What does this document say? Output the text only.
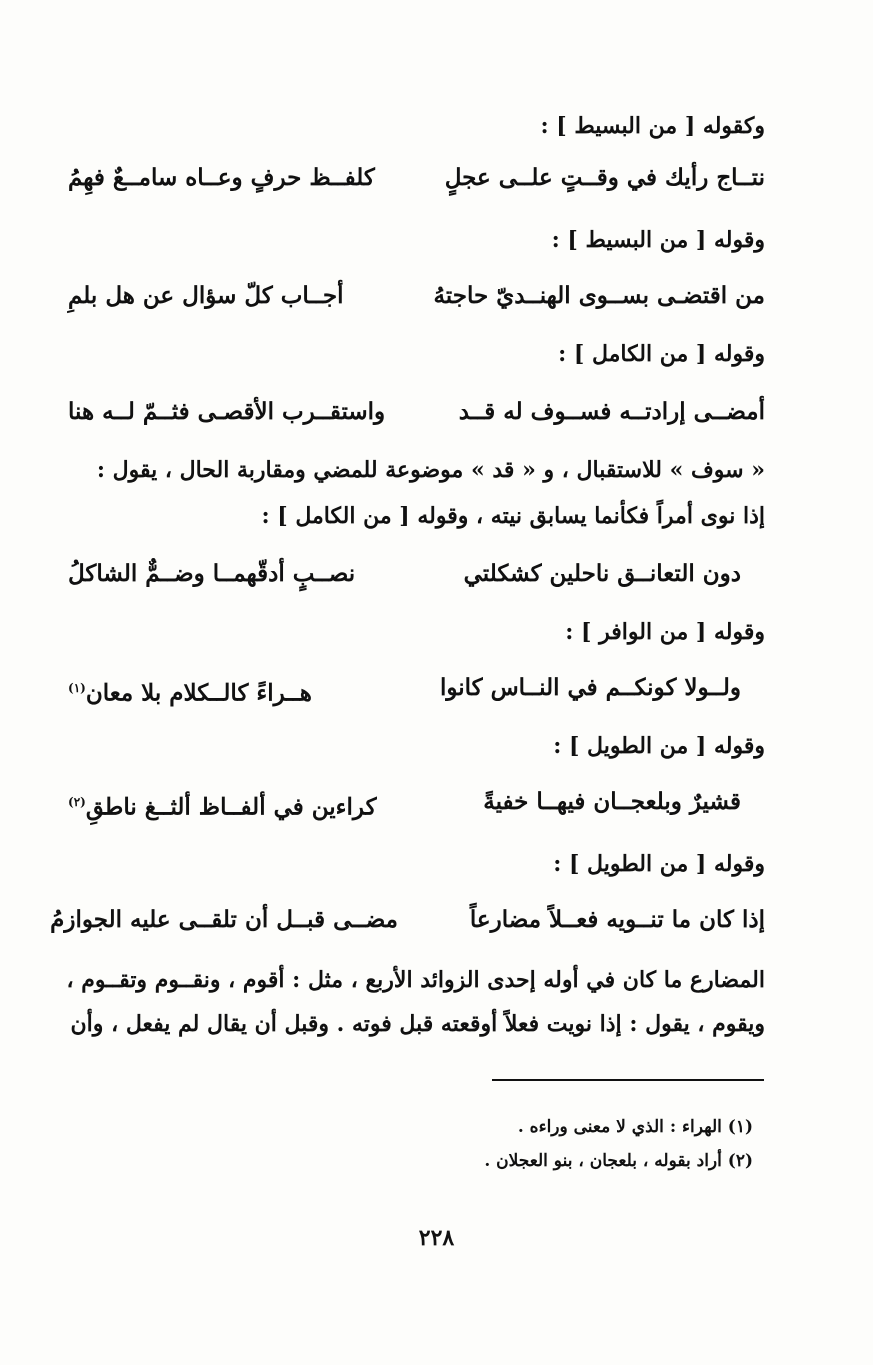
وكقوله [ من البسيط ] :
نتــاج رأيك في وقــتٍ علــى عجلٍ
كلفــظ حرفٍ وعــاه سامــعٌ فهِمُ
وقوله [ من البسيط ] :
من اقتضـى بســوى الهنــديّ حاجتهُ
أجــاب كلّ سؤال عن هل بلمِ
وقوله [ من الكامل ] :
أمضــى إرادتــه فســوف له قــد
واستقــرب الأقصـى فثــمّ لــه هنا
« سوف » للاستقبال ، و « قد » موضوعة للمضي ومقاربة الحال ، يقول :
إذا نوى أمراً فكأنما يسابق نيته ، وقوله [ من الكامل ] :
دون التعانــق ناحلين كشكلتي
نصــبٍ أدقّهمــا وضــمٌّ الشاكلُ
وقوله [ من الوافر ] :
ولــولا كونكــم في النــاس كانوا
هــراءً كالــكلام بلا معان$^{(١)}$
وقوله [ من الطويل ] :
قشيرٌ وبلعجــان فيهــا خفيةً
كراءين في ألفــاظ ألثــغ ناطقِ$^{(٢)}$
وقوله [ من الطويل ] :
إذا كان ما تنــويه فعــلاً مضارعاً
مضــى قبــل أن تلقــى عليه الجوازمُ
المضارع ما كان في أوله إحدى الزوائد الأربع ، مثل : أقوم ، ونقــوم وتقــوم ،
ويقوم ، يقول : إذا نويت فعلاً أوقعته قبل فوته . وقبل أن يقال لم يفعل ، وأن
(١) الهراء : الذي لا معنى وراءه .
(٢) أراد بقوله ، بلعجان ، بنو العجلان .
٢٢٨
